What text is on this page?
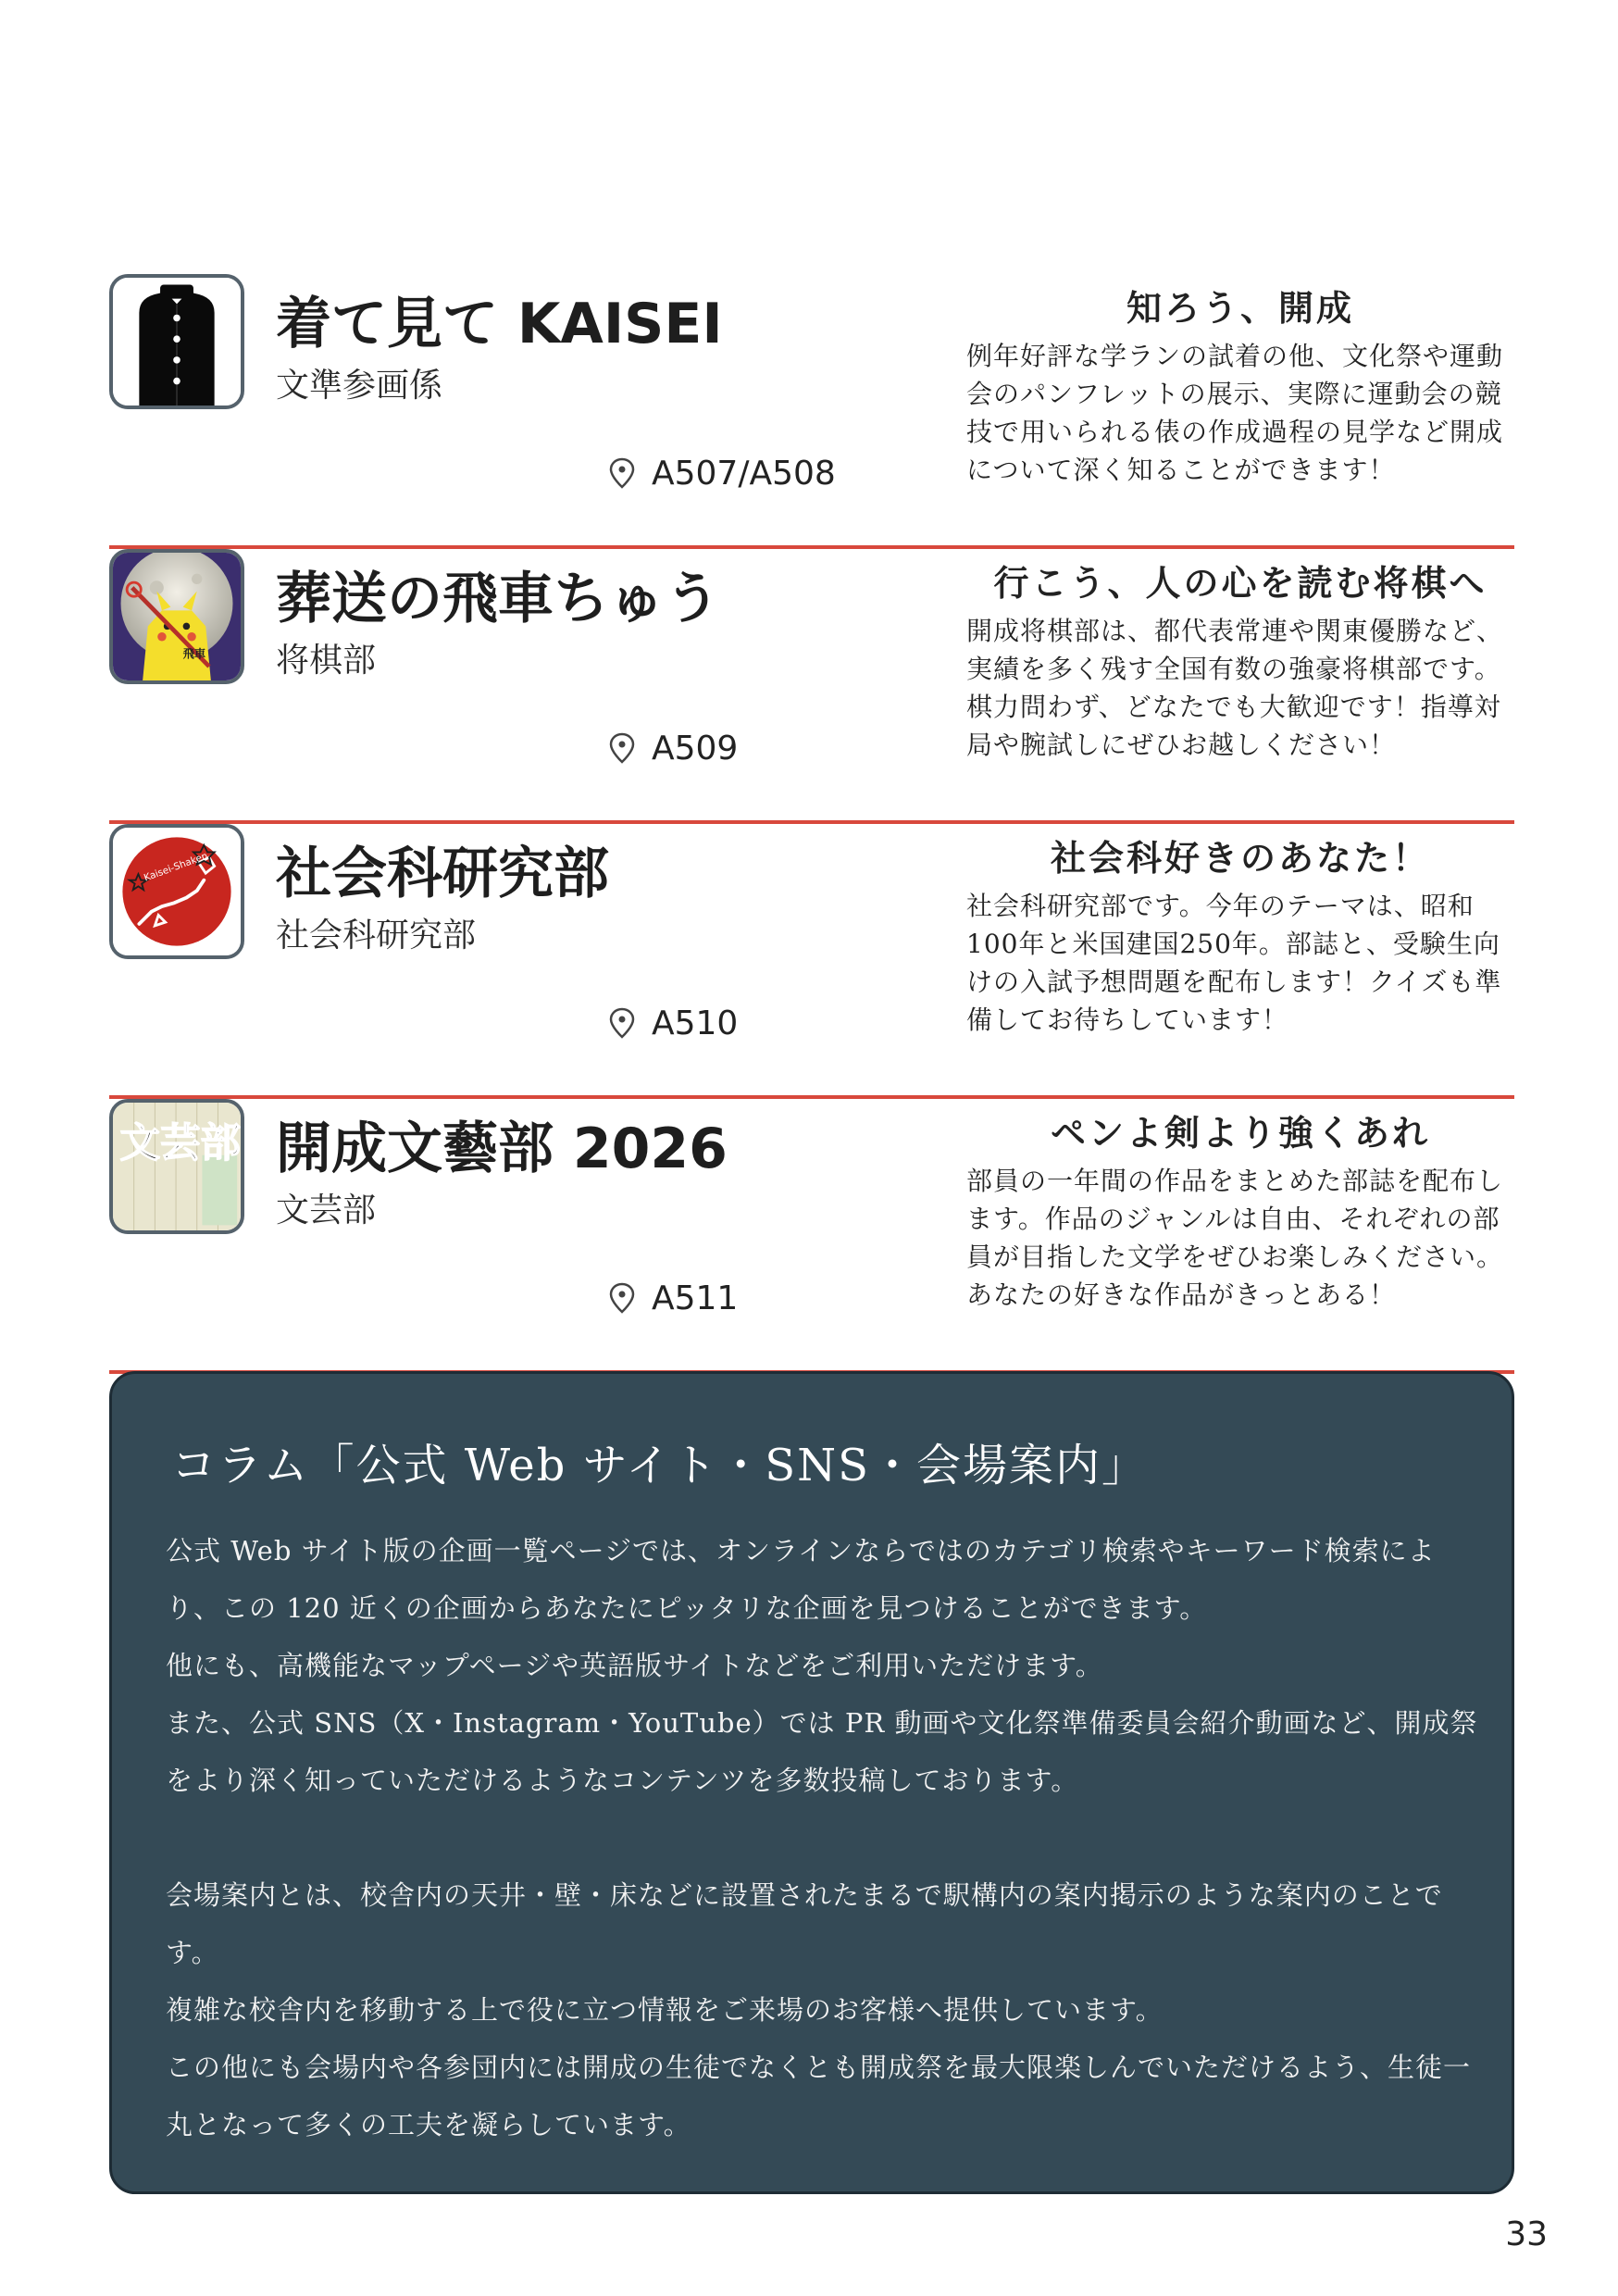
着て見て KAISEI
文準参画係
A507/A508
知ろう、開成
例年好評な学ランの試着の他、文化祭や運動会のパンフレットの展示、実際に運動会の競技で用いられる俵の作成過程の見学など開成について深く知ることができます！
飛車
葬送の飛車ちゅう
将棋部
A509
行こう、人の心を読む将棋へ
開成将棋部は、都代表常連や関東優勝など、実績を多く残す全国有数の強豪将棋部です。棋力問わず、どなたでも大歓迎です！指導対局や腕試しにぜひお越しください！
Kaisei-Shaken 社会科研究部
社会科研究部
A510
社会科好きのあなた！
社会科研究部です。今年のテーマは、昭和100年と米国建国250年。部誌と、受験生向けの入試予想問題を配布します！クイズも準備してお待ちしています！
文芸部 開成文藝部 2026
文芸部
A511
ペンよ剣より強くあれ
部員の一年間の作品をまとめた部誌を配布します。作品のジャンルは自由、それぞれの部員が目指した文学をぜひお楽しみください。あなたの好きな作品がきっとある！
コラム「公式 Web サイト・SNS・会場案内」

公式 Web サイト版の企画一覧ページでは、オンラインならではのカテゴリ検索やキーワード検索により、この 120 近くの企画からあなたにピッタリな企画を見つけることができます。

他にも、高機能なマップページや英語版サイトなどをご利用いただけます。

また、公式 SNS（X・Instagram・YouTube）では PR 動画や文化祭準備委員会紹介動画など、開成祭をより深く知っていただけるようなコンテンツを多数投稿しております。

会場案内とは、校舎内の天井・壁・床などに設置されたまるで駅構内の案内掲示のような案内のことです。

複雑な校舎内を移動する上で役に立つ情報をご来場のお客様へ提供しています。

この他にも会場内や各参団内には開成の生徒でなくとも開成祭を最大限楽しんでいただけるよう、生徒一丸となって多くの工夫を凝らしています。

33
